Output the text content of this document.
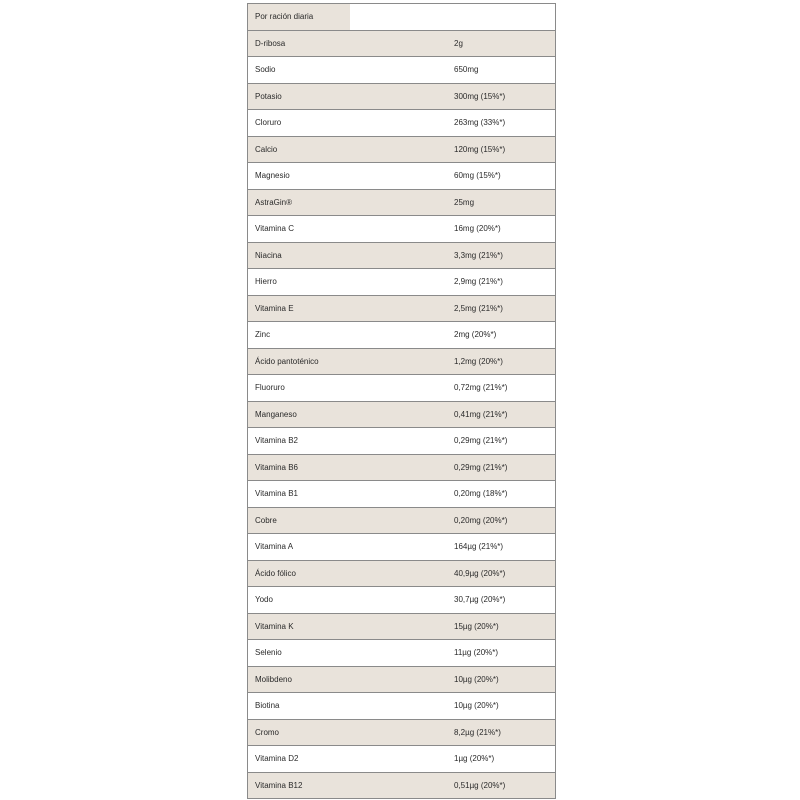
Por ración diaria
D-ribosa	2g
Sodio	650mg
Potasio	300mg (15%*)
Cloruro	263mg (33%*)
Calcio	120mg (15%*)
Magnesio	60mg (15%*)
AstraGin®	25mg
Vitamina C	16mg (20%*)
Niacina	3,3mg (21%*)
Hierro	2,9mg (21%*)
Vitamina E	2,5mg (21%*)
Zinc	2mg (20%*)
Ácido pantoténico	1,2mg (20%*)
Fluoruro	0,72mg (21%*)
Manganeso	0,41mg (21%*)
Vitamina B2	0,29mg (21%*)
Vitamina B6	0,29mg (21%*)
Vitamina B1	0,20mg (18%*)
Cobre	0,20mg (20%*)
Vitamina A	164µg (21%*)
Ácido fólico	40,9µg (20%*)
Yodo	30,7µg (20%*)
Vitamina K	15µg (20%*)
Selenio	11µg (20%*)
Molibdeno	10µg (20%*)
Biotina	10µg (20%*)
Cromo	8,2µg (21%*)
Vitamina D2	1µg (20%*)
Vitamina B12	0,51µg (20%*)
